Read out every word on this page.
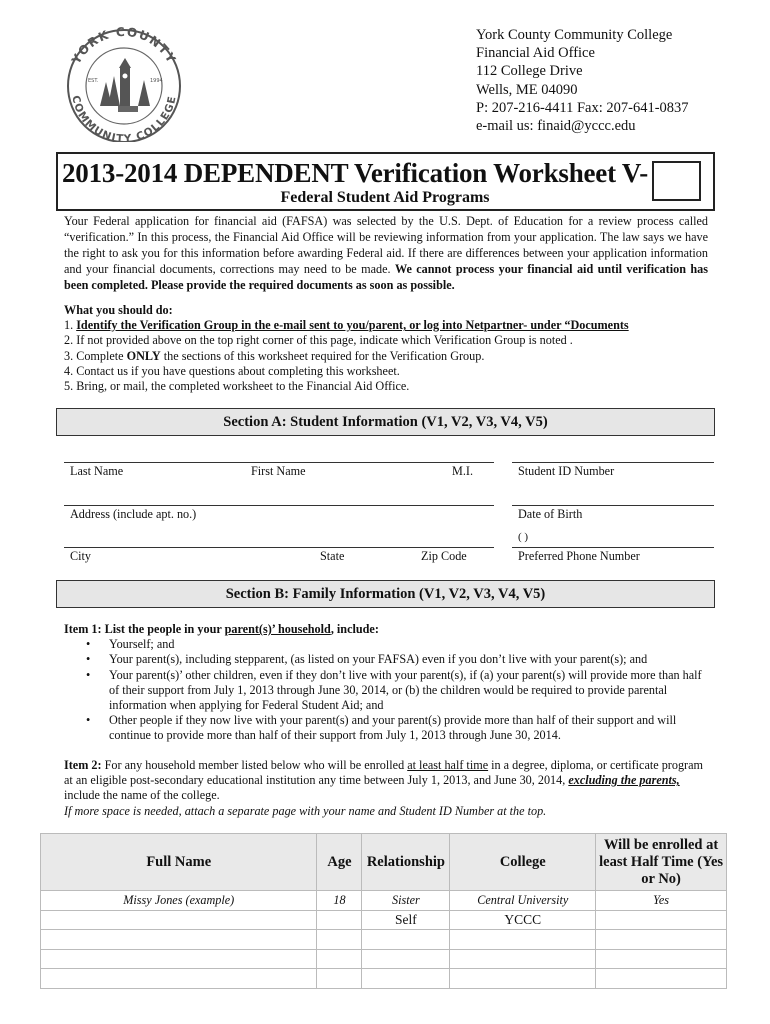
YORK COUNTY
COMMUNITY COLLEGE
EST.	1994
York County Community College
Financial Aid Office
112 College Drive
Wells, ME 04090
P: 207-216-4411 Fax: 207-641-0837
e-mail us: finaid@yccc.edu
2013-2014 DEPENDENT Verification Worksheet V-
Federal Student Aid Programs
Your Federal application for financial aid (FAFSA) was selected by the U.S. Dept. of Education for a review process called “verification.” In this process, the Financial Aid Office will be reviewing information from your application. The law says we have the right to ask you for this information before awarding Federal aid. If there are differences between your application information and your financial documents, corrections may need to be made. We cannot process your financial aid until verification has been completed. Please provide the required documents as soon as possible.
What you should do:
1. Identify the Verification Group in the e-mail sent to you/parent, or log into Netpartner- under “Documents
2. If not provided above on the top right corner of this page, indicate which Verification Group is noted .
3. Complete ONLY the sections of this worksheet required for the Verification Group.
4. Contact us if you have questions about completing this worksheet.
5. Bring, or mail, the completed worksheet to the Financial Aid Office.
Section A: Student Information (V1, V2, V3, V4, V5)
Last Name	First Name	M.I.	Student ID Number
Address (include apt. no.)	Date of Birth
( )
City	State	Zip Code	Preferred Phone Number
Section B: Family Information (V1, V2, V3, V4, V5)
Item 1: List the people in your parent(s)’ household, include:
• Yourself; and
• Your parent(s), including stepparent, (as listed on your FAFSA) even if you don’t live with your parent(s); and
• Your parent(s)’ other children, even if they don’t live with your parent(s), if (a) your parent(s) will provide more than half of their support from July 1, 2013 through June 30, 2014, or (b) the children would be required to provide parental information when applying for Federal Student Aid; and
• Other people if they now live with your parent(s) and your parent(s) provide more than half of their support and will continue to provide more than half of their support from July 1, 2013 through June 30, 2014.
Item 2: For any household member listed below who will be enrolled at least half time in a degree, diploma, or certificate program at an eligible post-secondary educational institution any time between July 1, 2013, and June 30, 2014, excluding the parents, include the name of the college.
If more space is needed, attach a separate page with your name and Student ID Number at the top.
Full Name	Age	Relationship	College	Will be enrolled at least Half Time (Yes or No)
Missy Jones (example)	18	Sister	Central University	Yes
		Self	YCCC	
